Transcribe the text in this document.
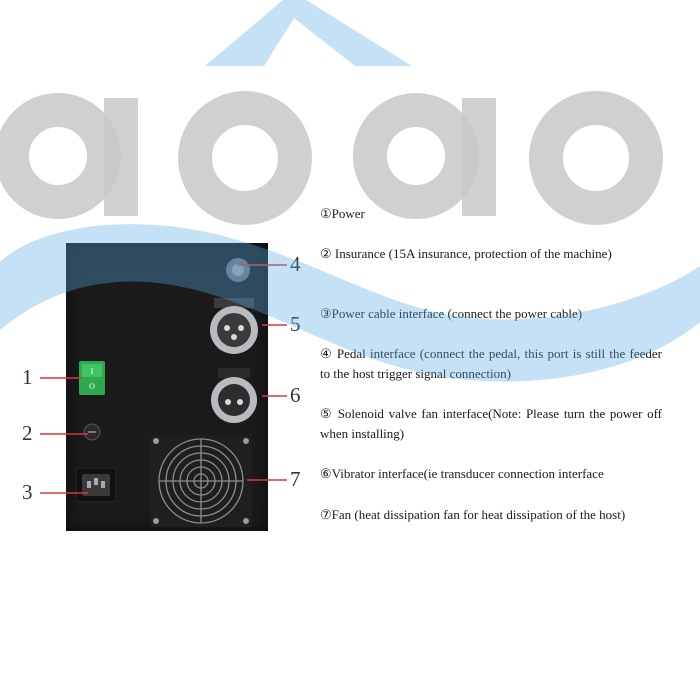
I
O
1
2
3
4
5
6
7

①Power

② Insurance (15A insurance, protection of the machine)

③Power cable interface (connect the power cable)

④ Pedal interface (connect the pedal, this port is still the feeder to the host trigger signal connection)

⑤ Solenoid valve fan interface(Note: Please turn the power off when installing)

⑥Vibrator interface(ie transducer connection interface

⑦Fan (heat dissipation fan for heat dissipation of the host)
